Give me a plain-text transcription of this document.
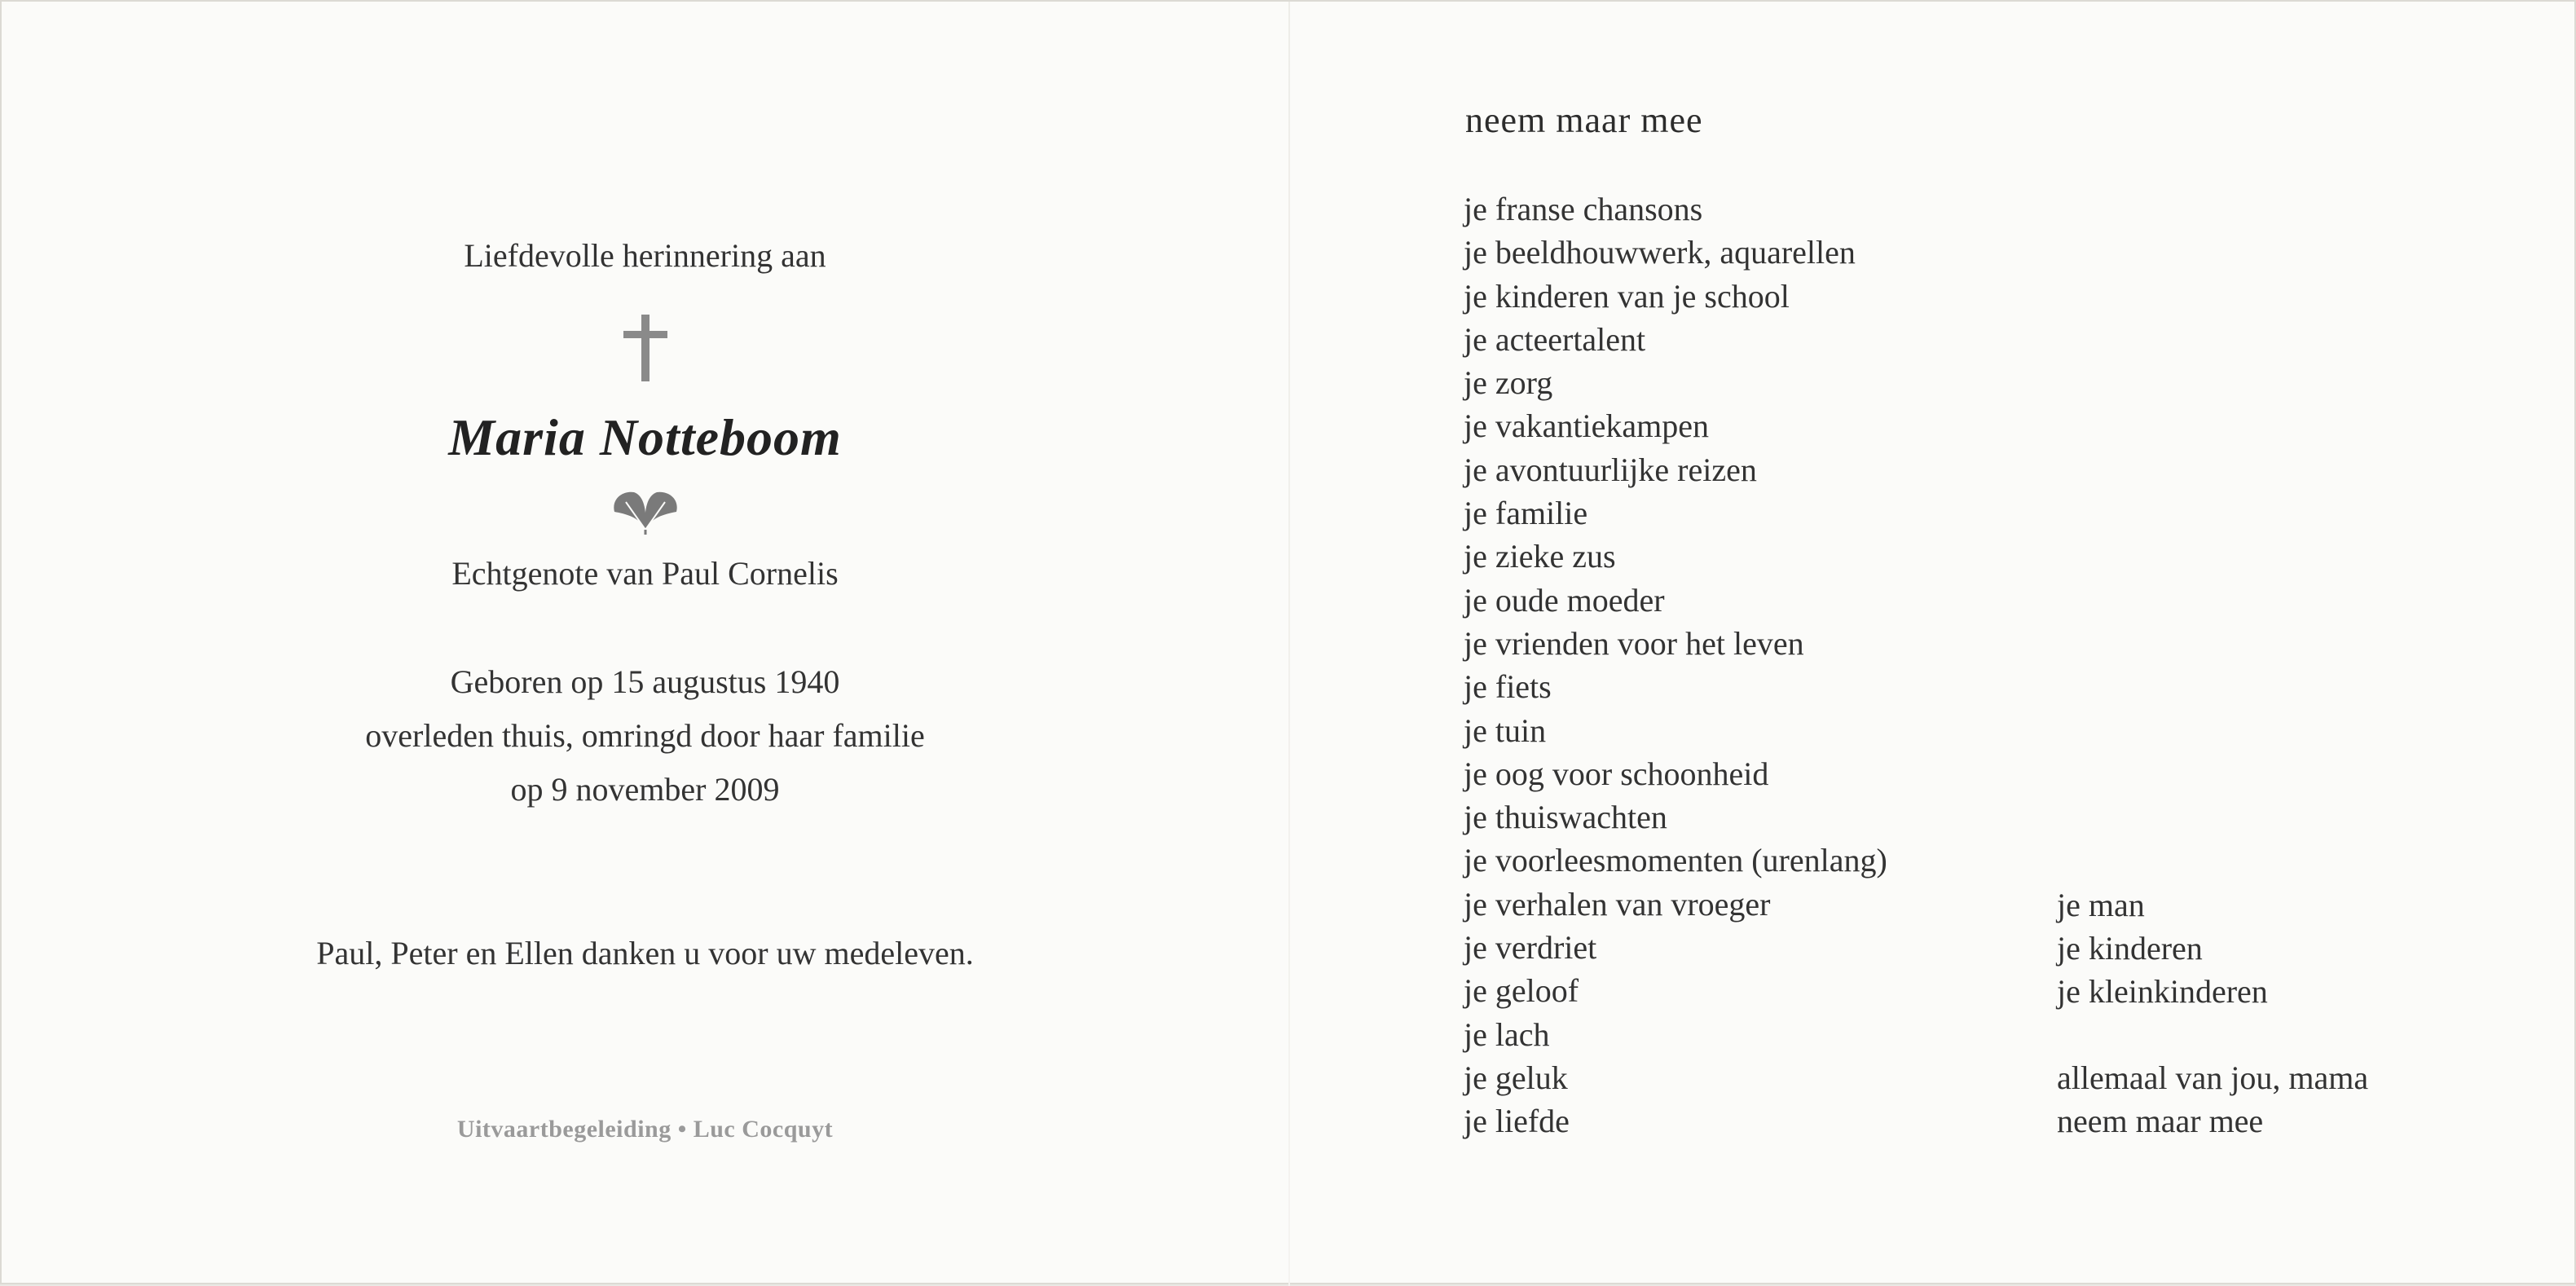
Liefdevolle herinnering aan
Maria Notteboom
Echtgenote van Paul Cornelis
Geboren op 15 augustus 1940
overleden thuis, omringd door haar familie
op 9 november 2009
Paul, Peter en Ellen danken u voor uw medeleven.
Uitvaartbegeleiding • Luc Cocquyt
neem maar mee
je franse chansons
je beeldhouwwerk, aquarellen
je kinderen van je school
je acteertalent
je zorg
je vakantiekampen
je avontuurlijke reizen
je familie
je zieke zus
je oude moeder
je vrienden voor het leven
je fiets
je tuin
je oog voor schoonheid
je thuiswachten
je voorleesmomenten (urenlang)
je verhalen van vroeger
je verdriet
je geloof
je lach
je geluk
je liefde
je man
je kinderen
je kleinkinderen
allemaal van jou, mama
neem maar mee
